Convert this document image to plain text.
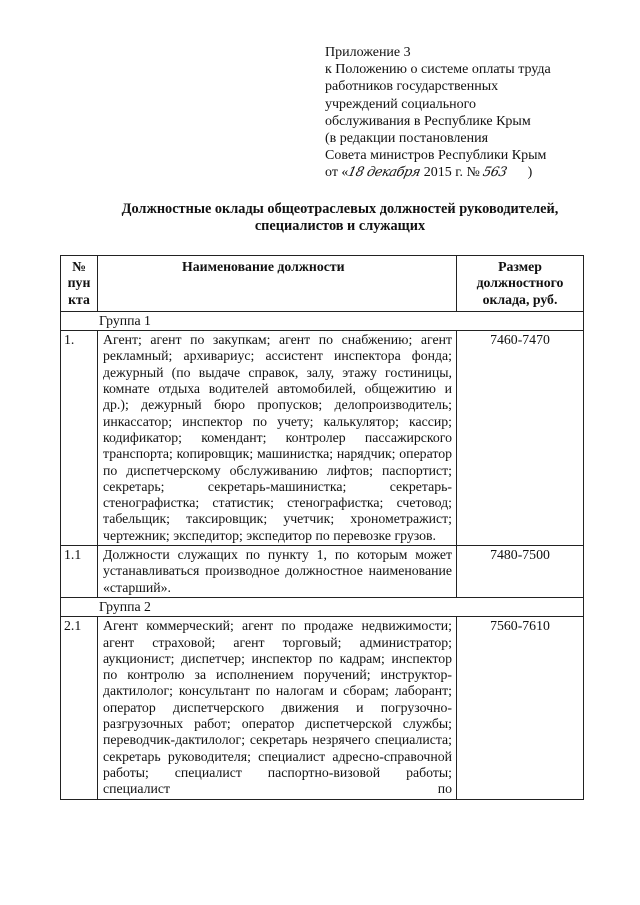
Приложение 3
к Положению о системе оплаты труда
работников государственных
учреждений социального
обслуживания в Республике Крым
(в редакции постановления
Совета министров Республики Крым
от «18 декабря 2015 г. № 563 )
Должностные оклады общеотраслевых должностей руководителей,
специалистов и служащих
№ пун кта	Наименование должности	Размер должностного оклада, руб.
Группа 1		
1.	Агент; агент по закупкам; агент по снабжению; агент рекламный; архивариус; ассистент инспектора фонда; дежурный (по выдаче справок, залу, этажу гостиницы, комнате отдыха водителей автомобилей, общежитию и др.); дежурный бюро пропусков; делопроизводитель; инкассатор; инспектор по учету; калькулятор; кассир; кодификатор; комендант; контролер пассажирского транспорта; копировщик; машинистка; нарядчик; оператор по диспетчерскому обслуживанию лифтов; паспортист; секретарь; секретарь-машинистка; секретарь-стенографистка; статистик; стенографистка; счетовод; табельщик; таксировщик; учетчик; хронометражист; чертежник; экспедитор; экспедитор по перевозке грузов.	7460-7470
1.1	Должности служащих по пункту 1, по которым может устанавливаться производное должностное наименование «старший».	7480-7500
Группа 2		
2.1	Агент коммерческий; агент по продаже недвижимости; агент страховой; агент торговый; администратор; аукционист; диспетчер; инспектор по кадрам; инспектор по контролю за исполнением поручений; инструктор-дактилолог; консультант по налогам и сборам; лаборант; оператор диспетчерского движения и погрузочно-разгрузочных работ; оператор диспетчерской службы; переводчик-дактилолог; секретарь незрячего специалиста; секретарь руководителя; специалист адресно-справочной работы; специалист паспортно-визовой работы; специалист по	7560-7610
